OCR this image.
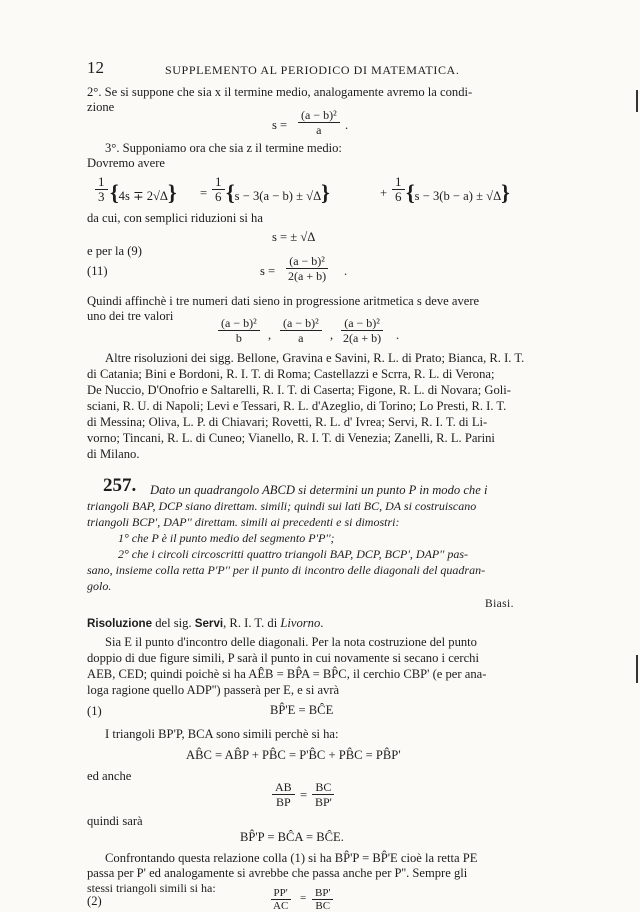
12	SUPPLEMENTO AL PERIODICO DI MATEMATICA.
2°. Se si suppone che sia x il termine medio, analogamente avremo la condi-
zione
$s = \frac{\text{(a − b)²}}{a}$ .
3°. Supponiamo ora che sia z il termine medio:
Dovremo avere
$\frac{1}{3} \{4s \mp 2√\Delta\} = \frac{1}{6} \{s - 3(a - b) \pm √\Delta\}$	+ $\frac{1}{6} \{s - 3(b - a) \pm √\Delta\}$
da cui, con semplici riduzioni si ha
s = ± √Δ
e per la (9)
(11)	$s = \frac{\text{(a − b)²}}{2(a + b)}$ .
Quindi affinchè i tre numeri dati sieno in progressione aritmetica s deve avere
uno dei tre valori	$\frac{\text{(a − b)²}}{b}$ , $\frac{\text{(a − b)²}}{a}$ , $\frac{\text{(a − b)²}}{2(a + b)}$ .
Altre risoluzioni dei sigg. Bellone, Gravina e Savini, R. L. di Prato; Bianca, R. I. T.
di Catania; Bini e Bordoni, R. I. T. di Roma; Castellazzi e Scrra, R. L. di Verona;
De Nuccio, D'Onofrio e Saltarelli, R. I. T. di Caserta; Figone, R. L. di Novara; Goli-
sciani, R. U. di Napoli; Levi e Tessari, R. L. d'Azeglio, di Torino; Lo Presti, R. I. T.
di Messina; Oliva, L. P. di Chiavari; Rovetti, R. L. d' Ivrea; Servi, R. I. T. di Li-
vorno; Tincani, R. L. di Cuneo; Vianello, R. I. T. di Venezia; Zanelli, R. L. Parini
di Milano.
257. Dato un quadrangolo ABCD si determini un punto P in modo che i
triangoli BAP, DCP siano direttam. simili; quindi sui lati BC, DA si costruiscano
triangoli BCP', DAP'' direttam. simili ai precedenti e si dimostri:
1° che P è il punto medio del segmento P'P'';
2° che i circoli circoscritti quattro triangoli BAP, DCP, BCP', DAP'' pas-
sano, insieme colla retta P'P'' per il punto di incontro delle diagonali del quadran-
golo.
Biasi.
Risoluzione del sig. Servi, R. I. T. di Livorno.
Sia E il punto d'incontro delle diagonali. Per la nota costruzione del punto
doppio di due figure simili, P sarà il punto in cui novamente si secano i cerchi
AEB, CED; quindi poichè si ha AÊB = BP̂A = BP̂C, il cerchio CBP' (e per ana-
loga ragione quello ADP'') passerà per E, e si avrà
(1)	BP̂'E = BĈE
I triangoli BP'P, BCA sono simili perchè si ha:
AB̂C = AB̂P + PB̂C = P'B̂C + PB̂C = PB̂P'
ed anche
$\frac{AB}{BP} = \frac{BC}{BP'}$
quindi sarà
BP̂'P = BĈA = BĈE.
Confrontando questa relazione colla (1) si ha BP̂'P = BP̂'E cioè la retta PE
passa per P' ed analogamente si avrebbe che passa anche per P''. Sempre gli
stessi triangoli simili si ha:
(2)	$\frac{PP'}{AC} = \frac{BP'}{BC}$
